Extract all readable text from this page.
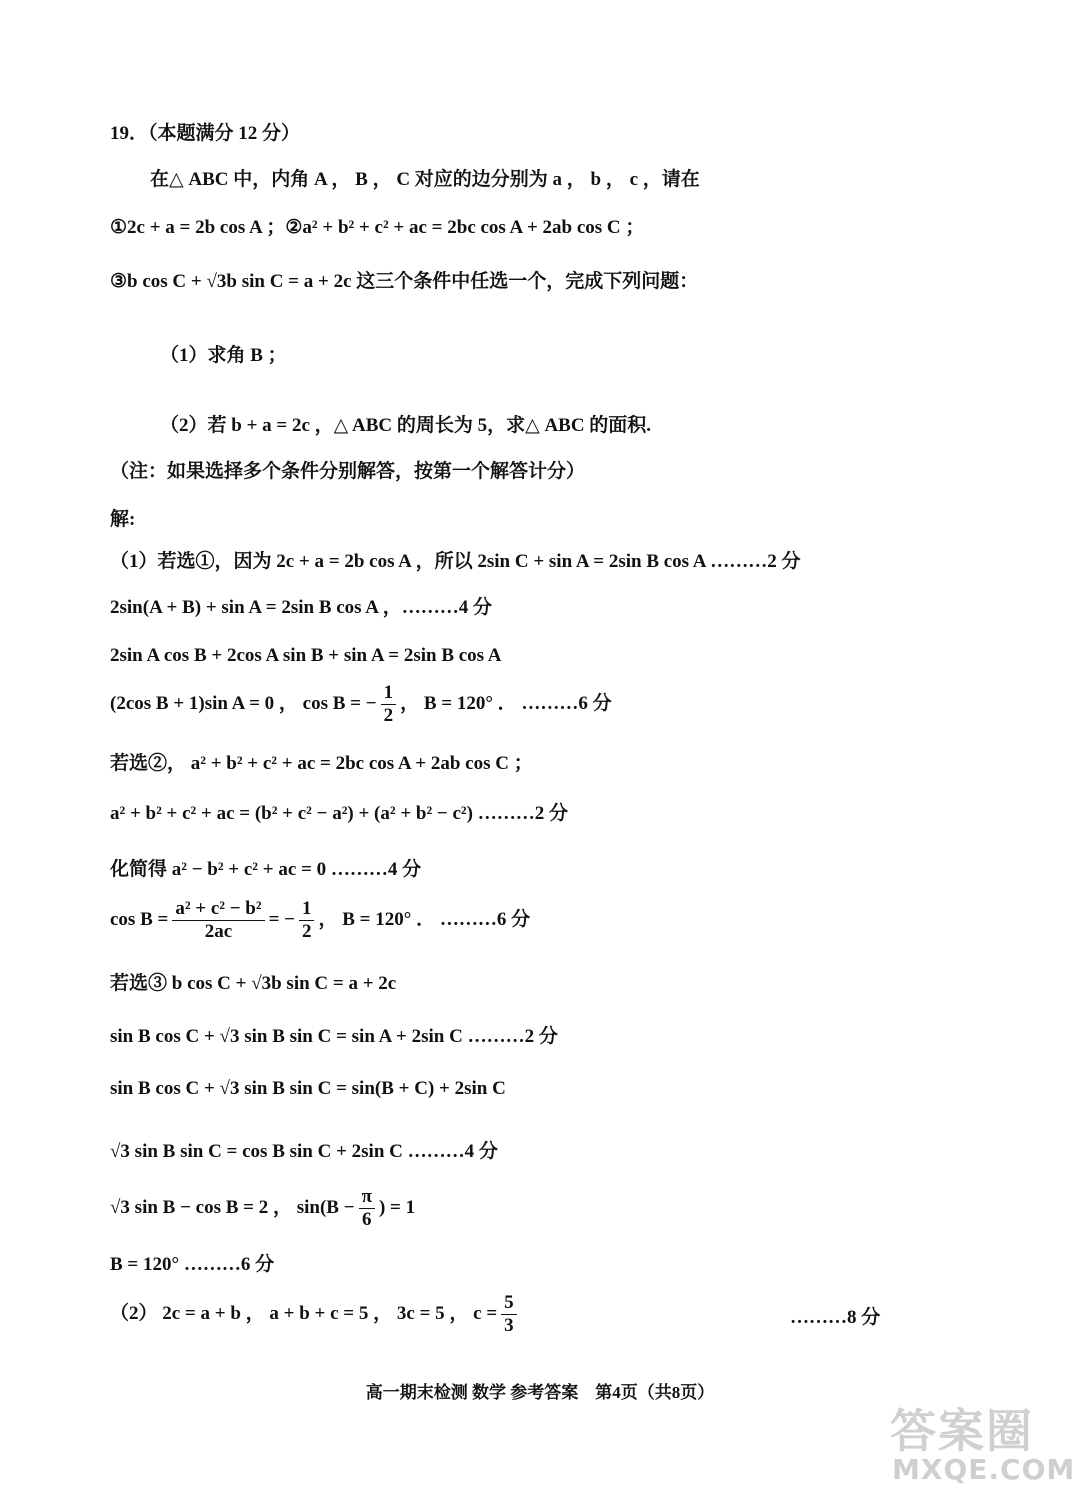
19．（本题满分 12 分）
在△ ABC 中，内角 A ， B ， C 对应的边分别为 a ， b ， c ，请在
①2c + a = 2b cos A ；②a² + b² + c² + ac = 2bc cos A + 2ab cos C ；
③b cos C + √3b sin C = a + 2c 这三个条件中任选一个，完成下列问题：
（1）求角 B ；
（2）若 b + a = 2c ，△ ABC 的周长为 5，求△ ABC 的面积.
（注：如果选择多个条件分别解答，按第一个解答计分）
解:
（1）若选①，因为 2c + a = 2b cos A ，所以 2sin C + sin A = 2sin B cos A ………2 分
2sin(A + B) + sin A = 2sin B cos A ，………4 分
2sin A cos B + 2cos A sin B + sin A = 2sin B cos A
(2cos B + 1)sin A = 0 ， cos B = − $\frac{1}{2}$ ， B = 120° ． ………6 分
若选②， a² + b² + c² + ac = 2bc cos A + 2ab cos C ；
a² + b² + c² + ac = (b² + c² − a²) + (a² + b² − c²) ………2 分
化简得 a² − b² + c² + ac = 0 ………4 分
$\cos B = \frac{\text{a² + c² − b²}}{2ac}$ = − $\frac{1}{2}$ ， B = 120° ． ………6 分
若选③ b cos C + √3b sin C = a + 2c
sin B cos C + √3 sin B sin C = sin A + 2sin C ………2 分
sin B cos C + √3 sin B sin C = sin(B + C) + 2sin C
√3 sin B sin C = cos B sin C + 2sin C ………4 分
√3 sin B − cos B = 2 ， $\sin(B - \frac{\pi}{6}$ ) = 1
B = 120° ………6 分
（2） 2c = a + b ， a + b + c = 5 ， 3c = 5 ， $c = \frac{5}{3}$	………8 分
高一期末检测 数学 参考答案　第4页（共8页）
答案圈
MXQE.COM
